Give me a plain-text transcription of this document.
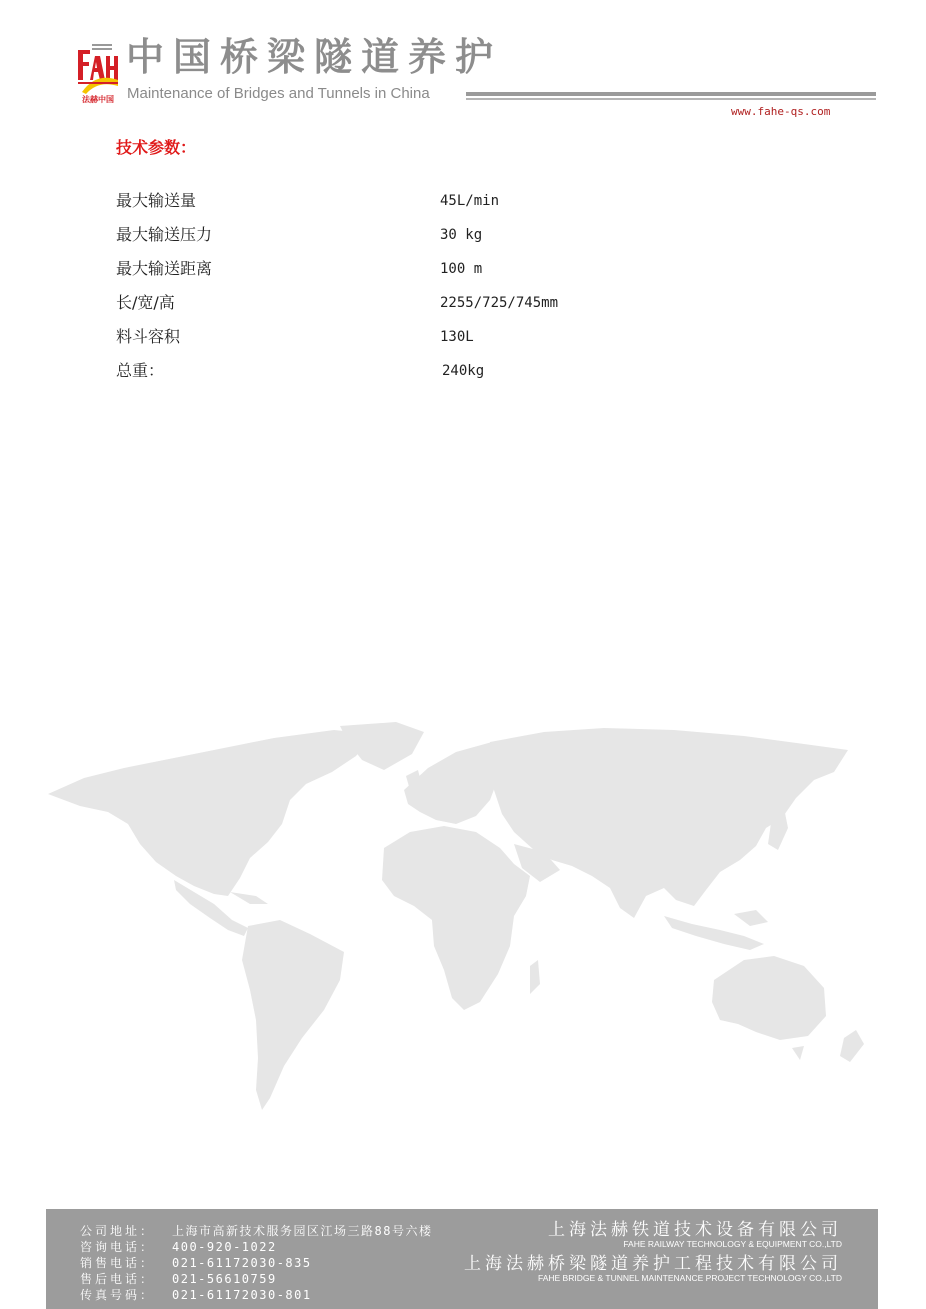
法赫中国
中国桥梁隧道养护
Maintenance of Bridges and Tunnels in China
www.fahe-qs.com
技术参数：
最大输送量	45L/min
最大输送压力	30 kg
最大输送距离	100 m
长/宽/高	2255/725/745mm
料斗容积	130L
总重：	240kg
公司地址： 上海市高新技术服务园区江场三路88号六楼
咨询电话： 400-920-1022
销售电话： 021-61172030-835
售后电话： 021-56610759
传真号码： 021-61172030-801
上海法赫铁道技术设备有限公司
FAHE RAILWAY TECHNOLOGY & EQUIPMENT CO.,LTD
上海法赫桥梁隧道养护工程技术有限公司
FAHE BRIDGE & TUNNEL MAINTENANCE PROJECT TECHNOLOGY CO.,LTD
